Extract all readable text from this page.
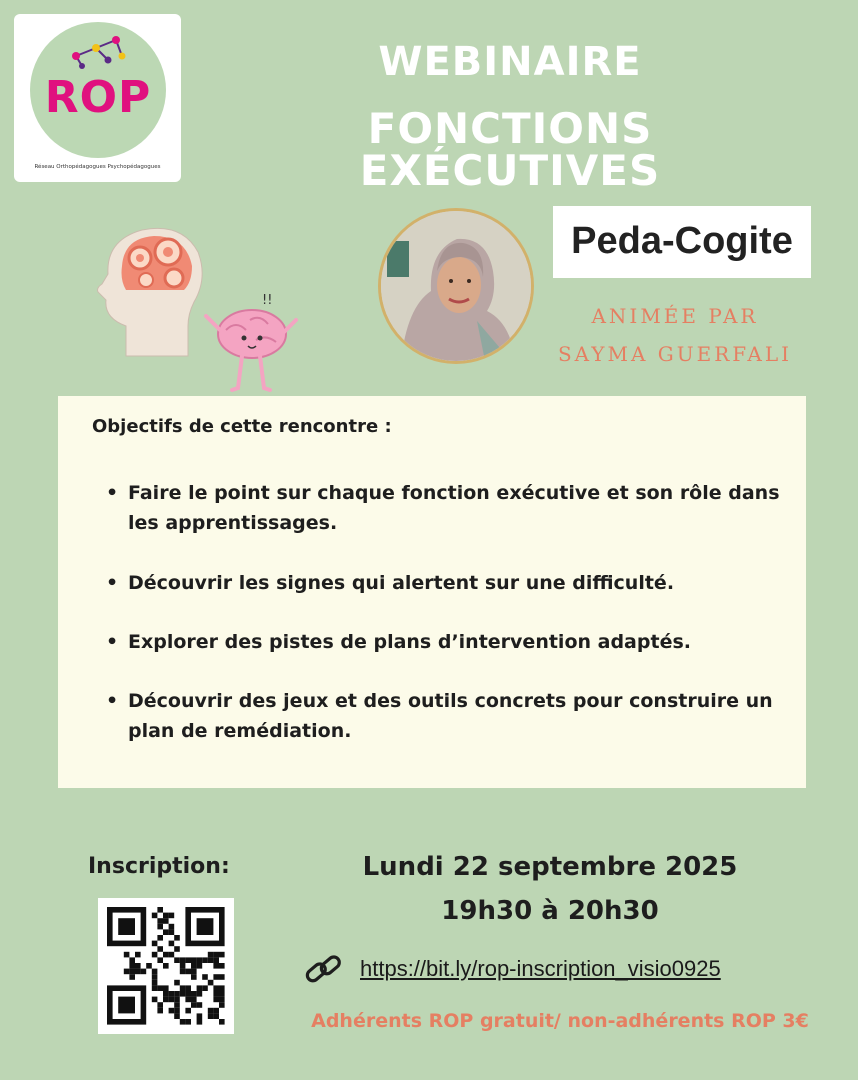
ROP
Réseau Orthopédagogues Psychopédagogues
WEBINAIRE
FONCTIONS EXÉCUTIVES
!!
Peda-Cogite
ANIMÉE PAR
SAYMA GUERFALI
Objectifs de cette rencontre :
• Faire le point sur chaque fonction exécutive et son rôle dans les apprentissages.
• Découvrir les signes qui alertent sur une difficulté.
• Explorer des pistes de plans d’intervention adaptés.
• Découvrir des jeux et des outils concrets pour construire un plan de remédiation.
Inscription:	Lundi 22 septembre 2025
19h30 à 20h30
https://bit.ly/rop-inscription_visio0925
Adhérents ROP gratuit/ non-adhérents ROP 3€
